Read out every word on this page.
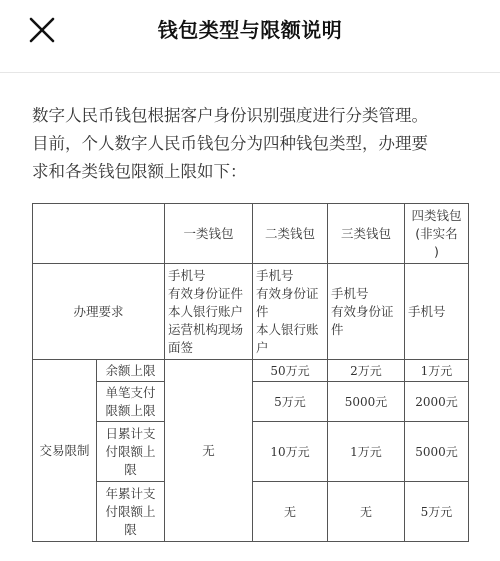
钱包类型与限额说明
数字人民币钱包根据客户身份识别强度进行分类管理。
目前，个人数字人民币钱包分为四种钱包类型，办理要
求和各类钱包限额上限如下：
		一类钱包	二类钱包	三类钱包	四类钱包
(非实名
)

办理要求		手机号
有效身份证件
本人银行账户
运营机构现场
面签	手机号
有效身份证
件
本人银行账
户	手机号
有效身份证
件	手机号
交易限制	余额上限	无	50万元	2万元	1万元

	单笔支付
限额上限		5万元	5000元	2000元

	日累计支
付限额上
限		10万元	1万元	5000元

	年累计支
付限额上
限		无	无	5万元
